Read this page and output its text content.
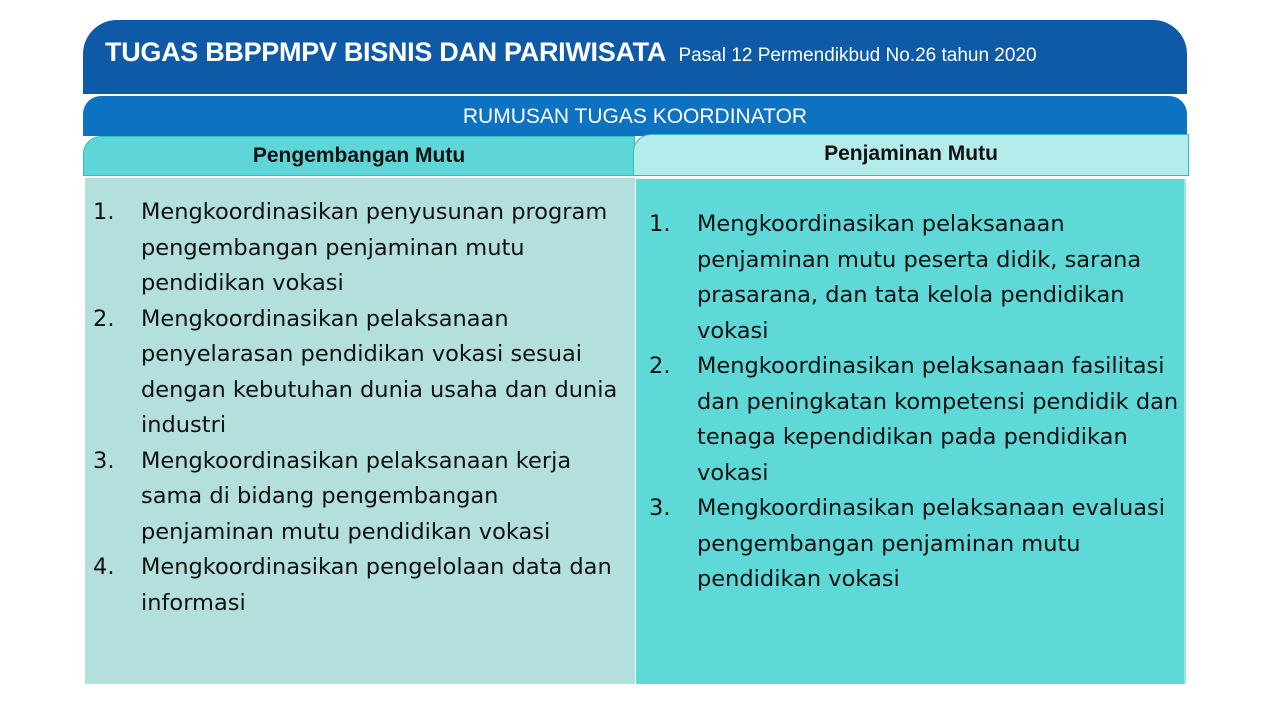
TUGAS BBPPMPV BISNIS DAN PARIWISATA Pasal 12 Permendikbud No.26 tahun 2020
RUMUSAN TUGAS KOORDINATOR
Pengembangan Mutu	Penjaminan Mutu
1. Mengkoordinasikan penyusunan program pengembangan penjaminan mutu pendidikan vokasi
2. Mengkoordinasikan pelaksanaan penyelarasan pendidikan vokasi sesuai dengan kebutuhan dunia usaha dan dunia industri
3. Mengkoordinasikan pelaksanaan kerja sama di bidang pengembangan penjaminan mutu pendidikan vokasi
4. Mengkoordinasikan pengelolaan data dan informasi
1. Mengkoordinasikan pelaksanaan penjaminan mutu peserta didik, sarana prasarana, dan tata kelola pendidikan vokasi
2. Mengkoordinasikan pelaksanaan fasilitasi dan peningkatan kompetensi pendidik dan tenaga kependidikan pada pendidikan vokasi
3. Mengkoordinasikan pelaksanaan evaluasi pengembangan penjaminan mutu pendidikan vokasi
